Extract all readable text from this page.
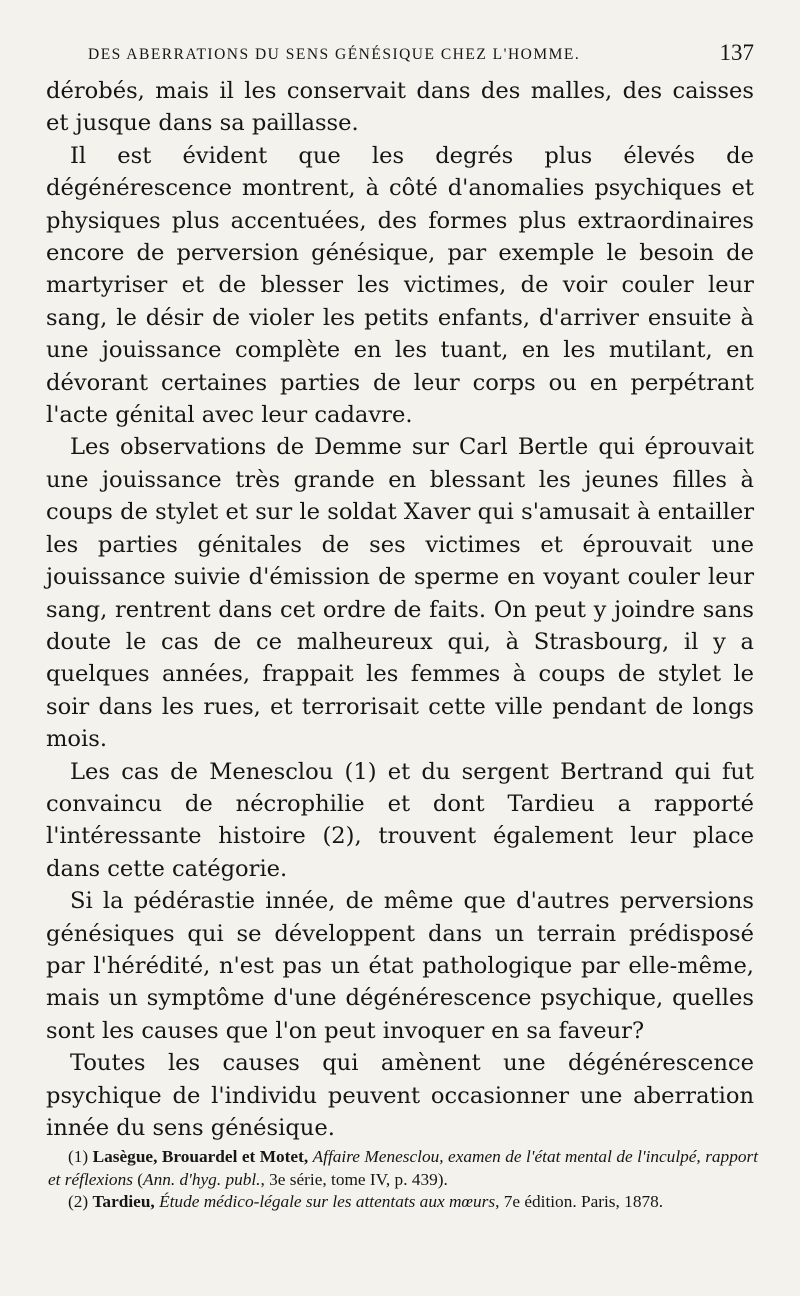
DES ABERRATIONS DU SENS GÉNÉSIQUE CHEZ L'HOMME.	137

dérobés, mais il les conservait dans des malles, des caisses et jusque dans sa paillasse.

Il est évident que les degrés plus élevés de dégénérescence montrent, à côté d'anomalies psychiques et physiques plus accentuées, des formes plus extraordinaires encore de perversion génésique, par exemple le besoin de martyriser et de blesser les victimes, de voir couler leur sang, le désir de violer les petits enfants, d'arriver ensuite à une jouissance complète en les tuant, en les mutilant, en dévorant certaines parties de leur corps ou en perpétrant l'acte génital avec leur cadavre.

Les observations de Demme sur Carl Bertle qui éprouvait une jouissance très grande en blessant les jeunes filles à coups de stylet et sur le soldat Xaver qui s'amusait à entailler les parties génitales de ses victimes et éprouvait une jouissance suivie d'émission de sperme en voyant couler leur sang, rentrent dans cet ordre de faits. On peut y joindre sans doute le cas de ce malheureux qui, à Strasbourg, il y a quelques années, frappait les femmes à coups de stylet le soir dans les rues, et terrorisait cette ville pendant de longs mois.

Les cas de Menesclou (1) et du sergent Bertrand qui fut convaincu de nécrophilie et dont Tardieu a rapporté l'intéressante histoire (2), trouvent également leur place dans cette catégorie.

Si la pédérastie innée, de même que d'autres perversions génésiques qui se développent dans un terrain prédisposé par l'hérédité, n'est pas un état pathologique par elle-même, mais un symptôme d'une dégénérescence psychique, quelles sont les causes que l'on peut invoquer en sa faveur?

Toutes les causes qui amènent une dégénérescence psychique de l'individu peuvent occasionner une aberration innée du sens génésique.

(1) Lasègue, Brouardel et Motet, Affaire Menesclou, examen de l'état mental de l'inculpé, rapport et réflexions (Ann. d'hyg. publ., 3e série, tome IV, p. 439).

(2) Tardieu, Étude médico-légale sur les attentats aux mœurs, 7e édition. Paris, 1878.
